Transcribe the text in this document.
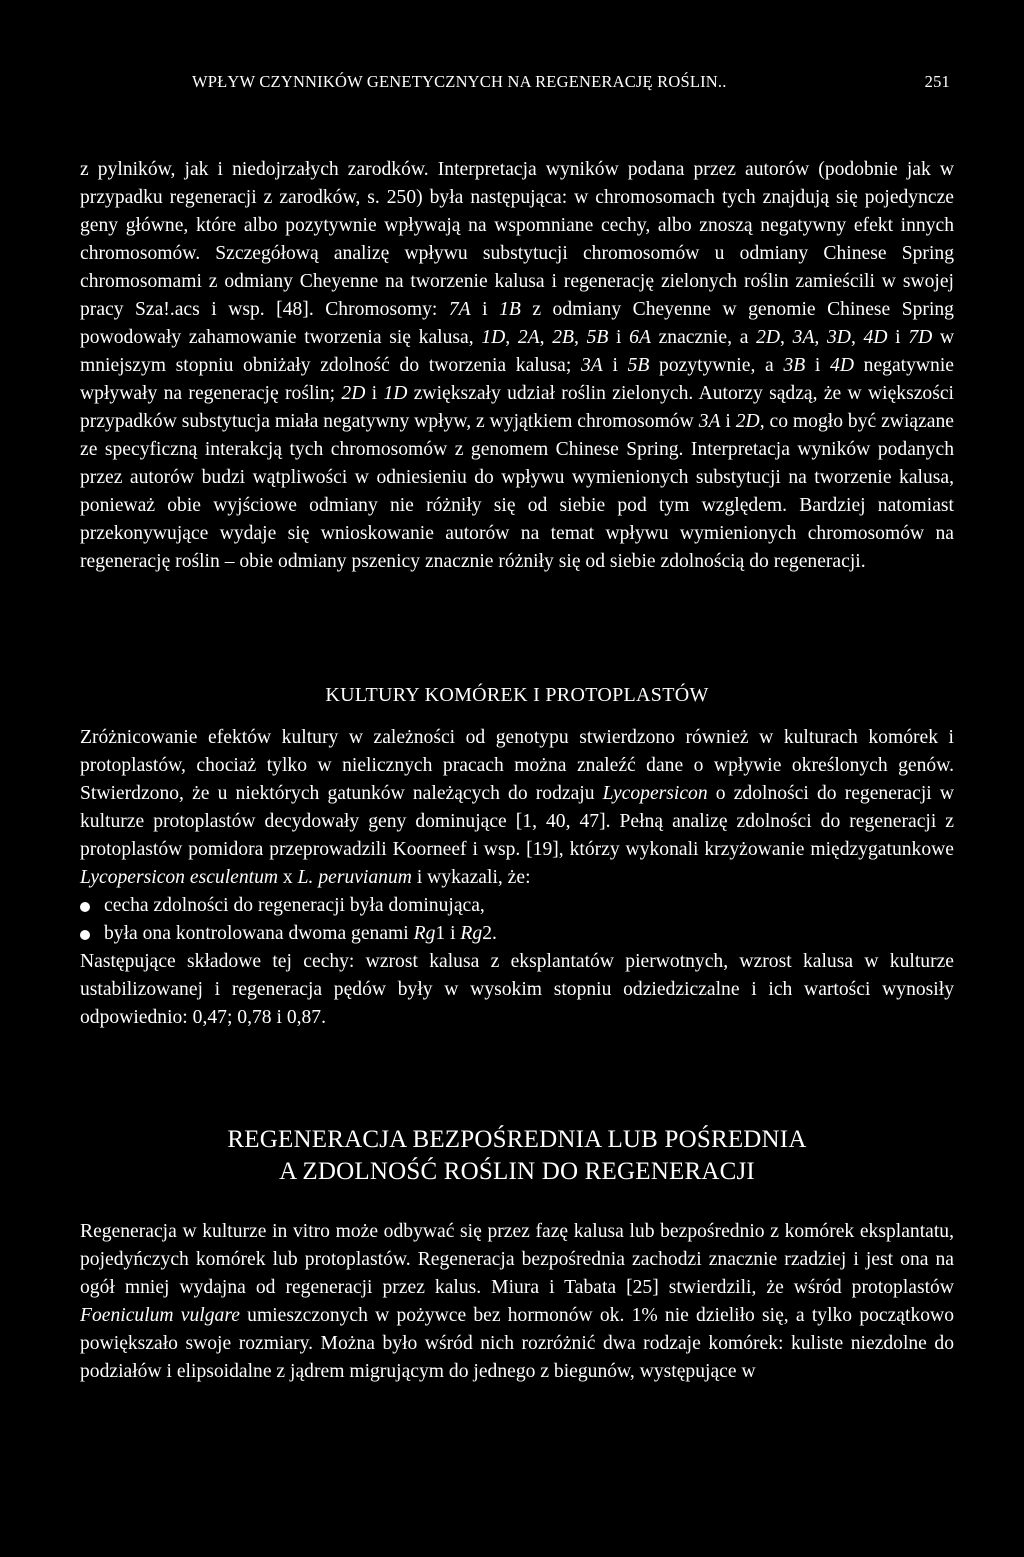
WPŁYW CZYNNIKÓW GENETYCZNYCH NA REGENERACJĘ ROŚLIN..	251

z pylników, jak i niedojrzałych zarodków. Interpretacja wyników podana przez autorów (podobnie jak w przypadku regeneracji z zarodków, s. 250) była następująca: w chromosomach tych znajdują się pojedyncze geny główne, które albo pozytywnie wpływają na wspomniane cechy, albo znoszą negatywny efekt innych chromosomów. Szczegółową analizę wpływu substytucji chromosomów u odmiany Chinese Spring chromosomami z odmiany Cheyenne na tworzenie kalusa i regenerację zielonych roślin zamieścili w swojej pracy Sza!.acs i wsp. [48]. Chromosomy: 7A i 1B z odmiany Cheyenne w genomie Chinese Spring powodowały zahamowanie tworzenia się kalusa, 1D, 2A, 2B, 5B i 6A znacznie, a 2D, 3A, 3D, 4D i 7D w mniejszym stopniu obniżały zdolność do tworzenia kalusa; 3A i 5B pozytywnie, a 3B i 4D negatywnie wpływały na regenerację roślin; 2D i 1D zwiększały udział roślin zielonych. Autorzy sądzą, że w większości przypadków substytucja miała negatywny wpływ, z wyjątkiem chromosomów 3A i 2D, co mogło być związane ze specyficzną interakcją tych chromosomów z genomem Chinese Spring. Interpretacja wyników podanych przez autorów budzi wątpliwości w odniesieniu do wpływu wymienionych substytucji na tworzenie kalusa, ponieważ obie wyjściowe odmiany nie różniły się od siebie pod tym względem. Bardziej natomiast przekonywujące wydaje się wnioskowanie autorów na temat wpływu wymienionych chromosomów na regenerację roślin – obie odmiany pszenicy znacznie różniły się od siebie zdolnością do regeneracji.

KULTURY KOMÓREK I PROTOPLASTÓW

Zróżnicowanie efektów kultury w zależności od genotypu stwierdzono również w kulturach komórek i protoplastów, chociaż tylko w nielicznych pracach można znaleźć dane o wpływie określonych genów. Stwierdzono, że u niektórych gatunków należących do rodzaju Lycopersicon o zdolności do regeneracji w kulturze protoplastów decydowały geny dominujące [1, 40, 47]. Pełną analizę zdolności do regeneracji z protoplastów pomidora przeprowadzili Koorneef i wsp. [19], którzy wykonali krzyżowanie międzygatunkowe Lycopersicon esculentum x L. peruvianum i wykazali, że:

cecha zdolności do regeneracji była dominująca,
była ona kontrolowana dwoma genami Rg1 i Rg2.

Następujące składowe tej cechy: wzrost kalusa z eksplantatów pierwotnych, wzrost kalusa w kulturze ustabilizowanej i regeneracja pędów były w wysokim stopniu odziedziczalne i ich wartości wynosiły odpowiednio: 0,47; 0,78 i 0,87.

REGENERACJA BEZPOŚREDNIA LUB POŚREDNIA
A ZDOLNOŚĆ ROŚLIN DO REGENERACJI

Regeneracja w kulturze in vitro może odbywać się przez fazę kalusa lub bezpośrednio z komórek eksplantatu, pojedyńczych komórek lub protoplastów. Regeneracja bezpośrednia zachodzi znacznie rzadziej i jest ona na ogół mniej wydajna od regeneracji przez kalus. Miura i Tabata [25] stwierdzili, że wśród protoplastów Foeniculum vulgare umieszczonych w pożywce bez hormonów ok. 1% nie dzieliło się, a tylko początkowo powiększało swoje rozmiary. Można było wśród nich rozróżnić dwa rodzaje komórek: kuliste niezdolne do podziałów i elipsoidalne z jądrem migrującym do jednego z biegunów, występujące w
